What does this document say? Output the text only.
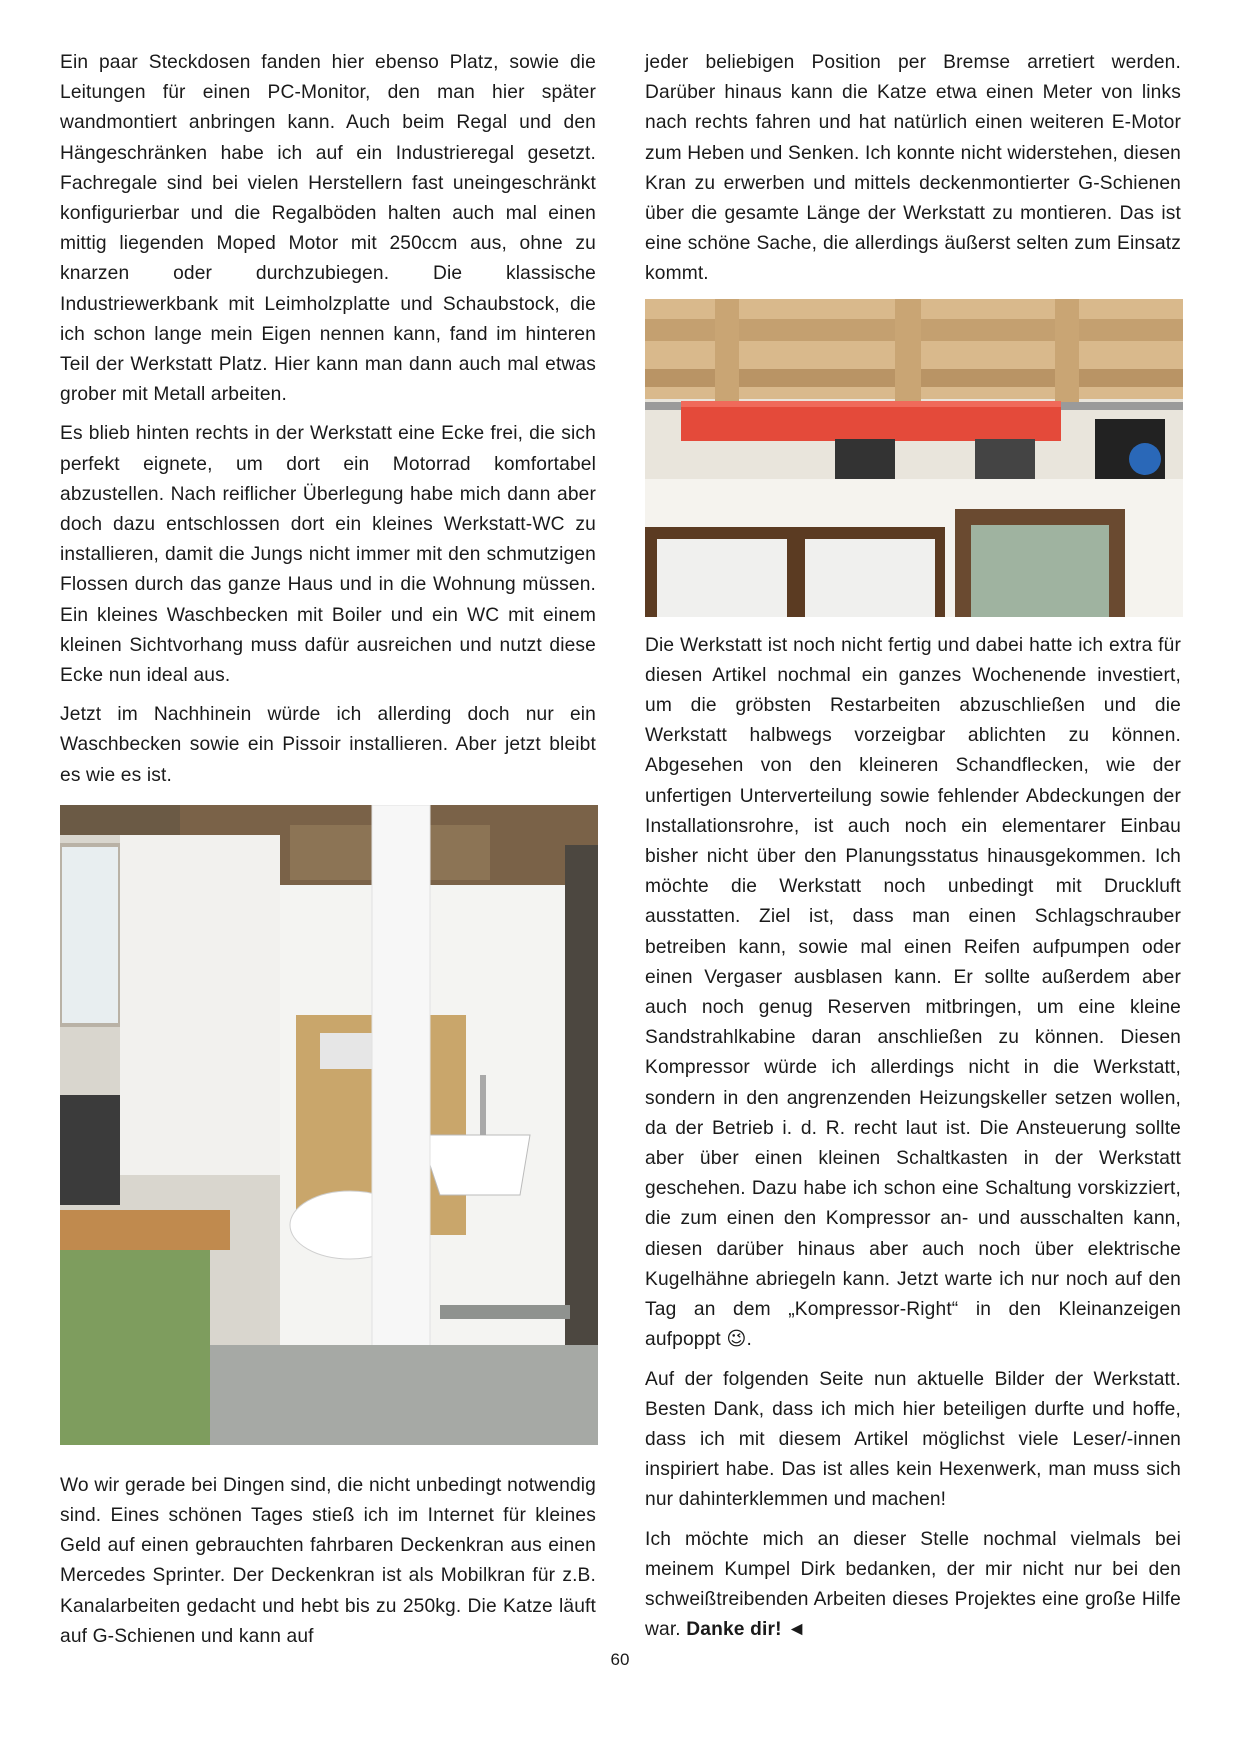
Ein paar Steckdosen fanden hier ebenso Platz, sowie die Leitungen für einen PC-Monitor, den man hier später wandmontiert anbringen kann. Auch beim Regal und den Hängeschränken habe ich auf ein Industrieregal gesetzt. Fachregale sind bei vielen Herstellern fast uneingeschränkt konfigurierbar und die Regalböden halten auch mal einen mittig liegenden Moped Motor mit 250ccm aus, ohne zu knarzen oder durchzubiegen. Die klassische Industriewerkbank mit Leimholzplatte und Schaubstock, die ich schon lange mein Eigen nennen kann, fand im hinteren Teil der Werkstatt Platz. Hier kann man dann auch mal etwas grober mit Metall arbeiten.

Es blieb hinten rechts in der Werkstatt eine Ecke frei, die sich perfekt eignete, um dort ein Motorrad komfortabel abzustellen. Nach reiflicher Überlegung habe mich dann aber doch dazu entschlossen dort ein kleines Werkstatt-WC zu installieren, damit die Jungs nicht immer mit den schmutzigen Flossen durch das ganze Haus und in die Wohnung müssen. Ein kleines Waschbecken mit Boiler und ein WC mit einem kleinen Sichtvorhang muss dafür ausreichen und nutzt diese Ecke nun ideal aus.

Jetzt im Nachhinein würde ich allerding doch nur ein Waschbecken sowie ein Pissoir installieren. Aber jetzt bleibt es wie es ist.

Wo wir gerade bei Dingen sind, die nicht unbedingt notwendig sind. Eines schönen Tages stieß ich im Internet für kleines Geld auf einen gebrauchten fahrbaren Deckenkran aus einen Mercedes Sprinter. Der Deckenkran ist als Mobilkran für z.B. Kanalarbeiten gedacht und hebt bis zu 250kg. Die Katze läuft auf G-Schienen und kann auf

jeder beliebigen Position per Bremse arretiert werden. Darüber hinaus kann die Katze etwa einen Meter von links nach rechts fahren und hat natürlich einen weiteren E-Motor zum Heben und Senken. Ich konnte nicht widerstehen, diesen Kran zu erwerben und mittels deckenmontierter G-Schienen über die gesamte Länge der Werkstatt zu montieren. Das ist eine schöne Sache, die allerdings äußerst selten zum Einsatz kommt.

Die Werkstatt ist noch nicht fertig und dabei hatte ich extra für diesen Artikel nochmal ein ganzes Wochenende investiert, um die gröbsten Restarbeiten abzuschließen und die Werkstatt halbwegs vorzeigbar ablichten zu können. Abgesehen von den kleineren Schandflecken, wie der unfertigen Unterverteilung sowie fehlender Abdeckungen der Installationsrohre, ist auch noch ein elementarer Einbau bisher nicht über den Planungsstatus hinausgekommen. Ich möchte die Werkstatt noch unbedingt mit Druckluft ausstatten. Ziel ist, dass man einen Schlagschrauber betreiben kann, sowie mal einen Reifen aufpumpen oder einen Vergaser ausblasen kann. Er sollte außerdem aber auch noch genug Reserven mitbringen, um eine kleine Sandstrahlkabine daran anschließen zu können. Diesen Kompressor würde ich allerdings nicht in die Werkstatt, sondern in den angrenzenden Heizungskeller setzen wollen, da der Betrieb i. d. R. recht laut ist. Die Ansteuerung sollte aber über einen kleinen Schaltkasten in der Werkstatt geschehen. Dazu habe ich schon eine Schaltung vorskizziert, die zum einen den Kompressor an- und ausschalten kann, diesen darüber hinaus aber auch noch über elektrische Kugelhähne abriegeln kann. Jetzt warte ich nur noch auf den Tag an dem „Kompressor-Right“ in den Kleinanzeigen aufpoppt 😉.

Auf der folgenden Seite nun aktuelle Bilder der Werkstatt. Besten Dank, dass ich mich hier beteiligen durfte und hoffe, dass ich mit diesem Artikel möglichst viele Leser/-innen inspiriert habe. Das ist alles kein Hexenwerk, man muss sich nur dahinterklemmen und machen!

Ich möchte mich an dieser Stelle nochmal vielmals bei meinem Kumpel Dirk bedanken, der mir nicht nur bei den schweißtreibenden Arbeiten dieses Projektes eine große Hilfe war. Danke dir! ◄

60
